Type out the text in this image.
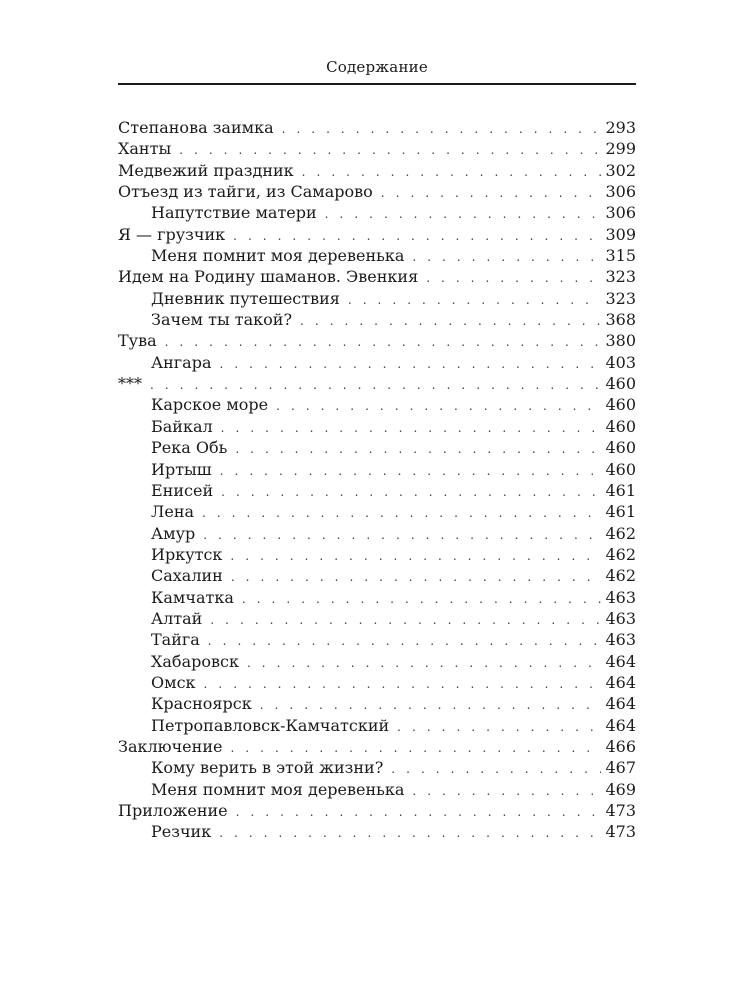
Содержание
Степанова заимка . . .	293
Ханты . . .	299
Медвежий праздник . . .	302
Отъезд из тайги, из Самарово . . .	306
Напутствие матери . . .	306
Я — грузчик . . .	309
Меня помнит моя деревенька . . .	315
Идем на Родину шаманов. Эвенкия . . .	323
Дневник путешествия . . .	323
Зачем ты такой? . . .	368
Тува . . .	380
Ангара . . .	403
*** . . .	460
Карское море . . .	460
Байкал . . .	460
Река Обь . . .	460
Иртыш . . .	460
Енисей . . .	461
Лена . . .	461
Амур . . .	462
Иркутск . . .	462
Сахалин . . .	462
Камчатка . . .	463
Алтай . . .	463
Тайга . . .	463
Хабаровск . . .	464
Омск . . .	464
Красноярск . . .	464
Петропавловск-Камчатский . . .	464
Заключение . . .	466
Кому верить в этой жизни? . . .	467
Меня помнит моя деревенька . . .	469
Приложение . . .	473
Резчик . . .	473
